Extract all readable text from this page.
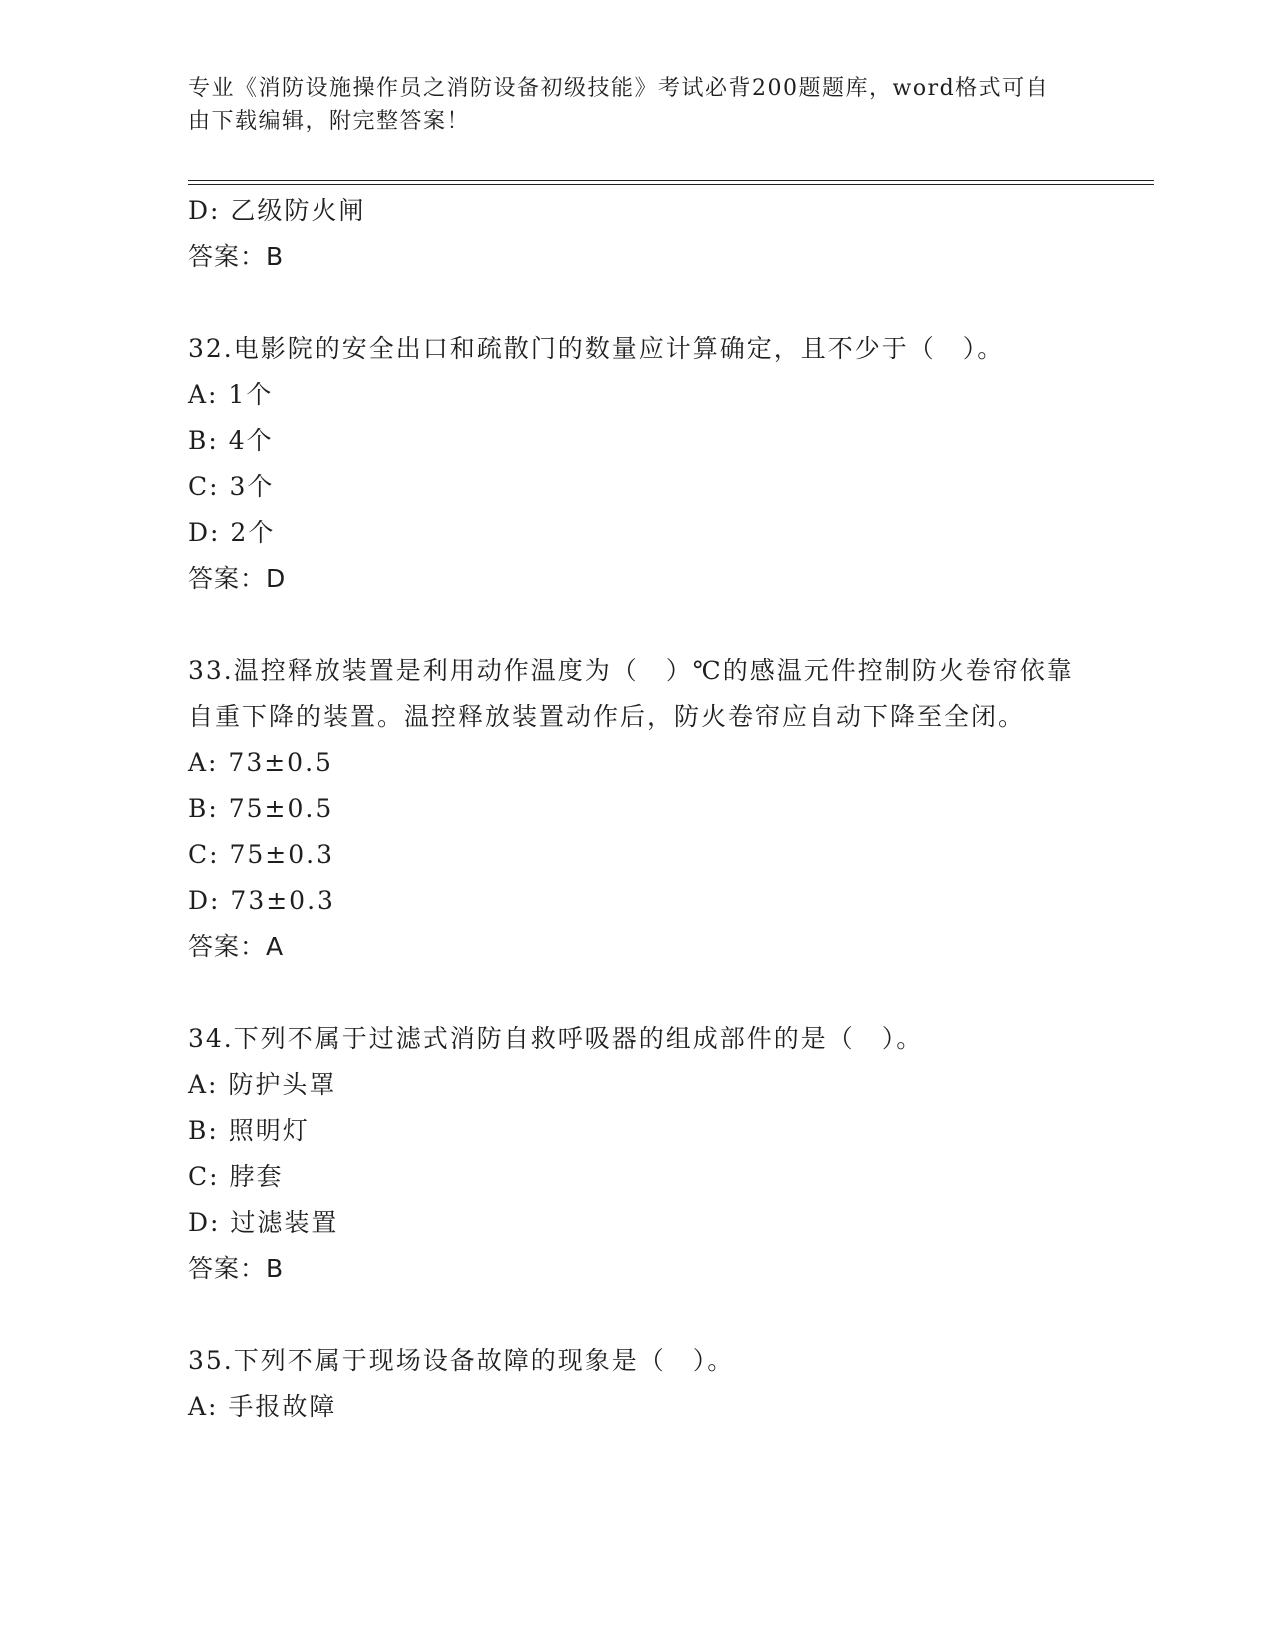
专业《消防设施操作员之消防设备初级技能》考试必背200题题库，word格式可自由下载编辑，附完整答案！
D: 乙级防火闸
答案：B
32.电影院的安全出口和疏散门的数量应计算确定，且不少于（　）。
A: 1个
B: 4个
C: 3个
D: 2个
答案：D
33.温控释放装置是利用动作温度为（　）℃的感温元件控制防火卷帘依靠自重下降的装置。温控释放装置动作后，防火卷帘应自动下降至全闭。
A: 73±0.5
B: 75±0.5
C: 75±0.3
D: 73±0.3
答案：A
34.下列不属于过滤式消防自救呼吸器的组成部件的是（　）。
A: 防护头罩
B: 照明灯
C: 脖套
D: 过滤装置
答案：B
35.下列不属于现场设备故障的现象是（　）。
A: 手报故障
